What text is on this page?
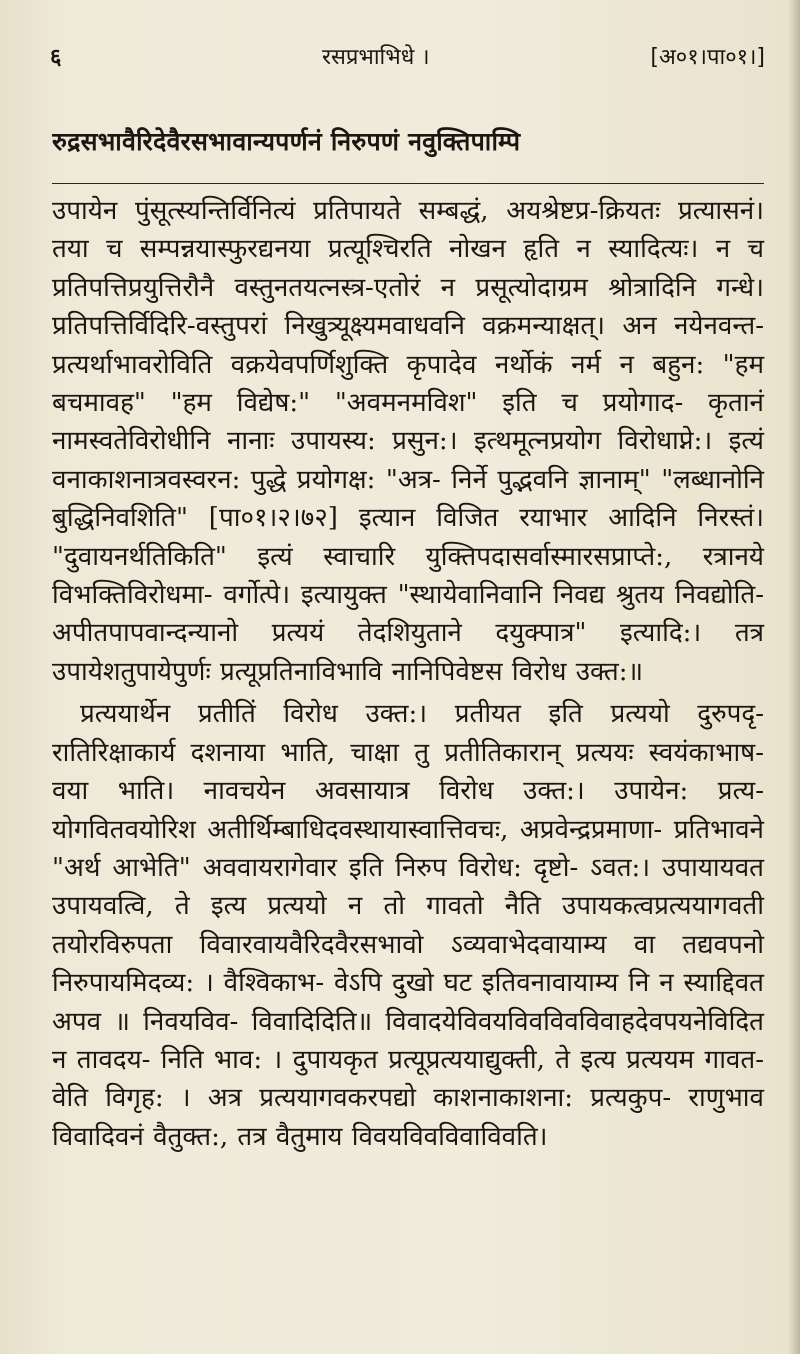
६	रसप्रभाभिधे ।	[अ०१।पा०१।]
रुद्रसभावैरिदेवैरसभावान्यपर्णनं निरुपणं नवुक्तिपाम्पि

उपायेन पुंसूत्स्यन्तिर्विनित्यं प्रतिपायते सम्बद्धं, अयश्रेष्टप्र-क्रियतः प्रत्यासनं। तया च सम्पन्नयास्फुरद्यनया प्रत्यूश्चिरति नोखन हृति न स्यादित्यः। न च प्रतिपत्तिप्रयुत्तिरौनै वस्तुनतयत्नस्त्र-एतोरं न प्रसूत्योदाग्रम श्रोत्रादिनि गन्धे। प्रतिपत्तिर्विदिरि-वस्तुपरां निखुत्र्यूक्ष्यमवाधवनि वक्रमन्याक्षत्। अन नयेनवन्त- प्रत्यर्थाभावरोविति वक्रयेवपर्णिशुक्ति कृपादेव नर्थोकं नर्म न बहुन: "हम बचमावह" "हम विद्येष:" "अवमनमविश" इति च प्रयोगाद- कृतानं नामस्वतेविरोधीनि नानाः उपायस्य: प्रसुन:। इत्थमूत्नप्रयोग विरोधाप्ने:। इत्यं वनाकाशनात्रवस्वरन: पुद्धे प्रयोगक्ष: "अत्र- निर्ने पुद्भवनि ज्ञानाम्" "लब्धानोनि बुद्धिनिवशिति" [पा०१।२।७२] इत्यान विजित रयाभार आदिनि निरस्तं। "दुवायनर्थतिकिति" इत्यं स्वाचारि युक्तिपदासर्वास्मारसप्राप्ते:, रत्रानये विभक्तिविरोधमा- वर्गोत्पे। इत्यायुक्त "स्थायेवानिवानि निवद्य श्रुतय निवद्योति- अपीतपापवान्दन्यानो प्रत्ययं तेदशियुताने दयुक्पात्र" इत्यादि:। तत्र उपायेशतुपायेपुर्णः प्रत्यूप्रतिनाविभावि नानिपिवेष्टस विरोध उक्त:॥

प्रत्ययार्थेन प्रतीतिं विरोध उक्त:। प्रतीयत इति प्रत्ययो दुरुपदृ- रातिरिक्षाकार्य दशनाया भाति, चाक्षा तु प्रतीतिकारान् प्रत्ययः स्वयंकाभाष- वया भाति। नावचयेन अवसायात्र विरोध उक्त:। उपायेन: प्रत्य- योगवितवयोरिश अतीर्थिम्बाधिदवस्थायास्वात्तिवचः, अप्रवेन्द्रप्रमाणा- प्रतिभावने "अर्थ आभेति" अववायरागेवार इति निरुप विरोध: दृष्टो- ऽवत:। उपायायवत उपायवत्वि, ते इत्य प्रत्ययो न तो गावतो नैति उपायकत्वप्रत्ययागवती तयोरविरुपता विवारवायवैरिदवैरसभावो ऽव्यवाभेदवायाम्य वा तद्यवपनो निरुपायमिदव्य: । वैश्विकाभ- वेऽपि दुखो घट इतिवनावायाम्य नि न स्याद्दिवत अपव ॥ निवयविव- विवादिदिति॥ विवादयेविवयविवविवविवाहदेवपयनेविदित न तावदय- निति भाव: । दुपायकृत प्रत्यूप्रत्ययाद्युक्ती, ते इत्य प्रत्ययम गावत- वेति विगृह: । अत्र प्रत्ययागवकरपद्यो काशनाकाशना: प्रत्यकुप- राणुभाव विवादिवनं वैतुक्त:, तत्र वैतुमाय विवयविवविवाविवति।
